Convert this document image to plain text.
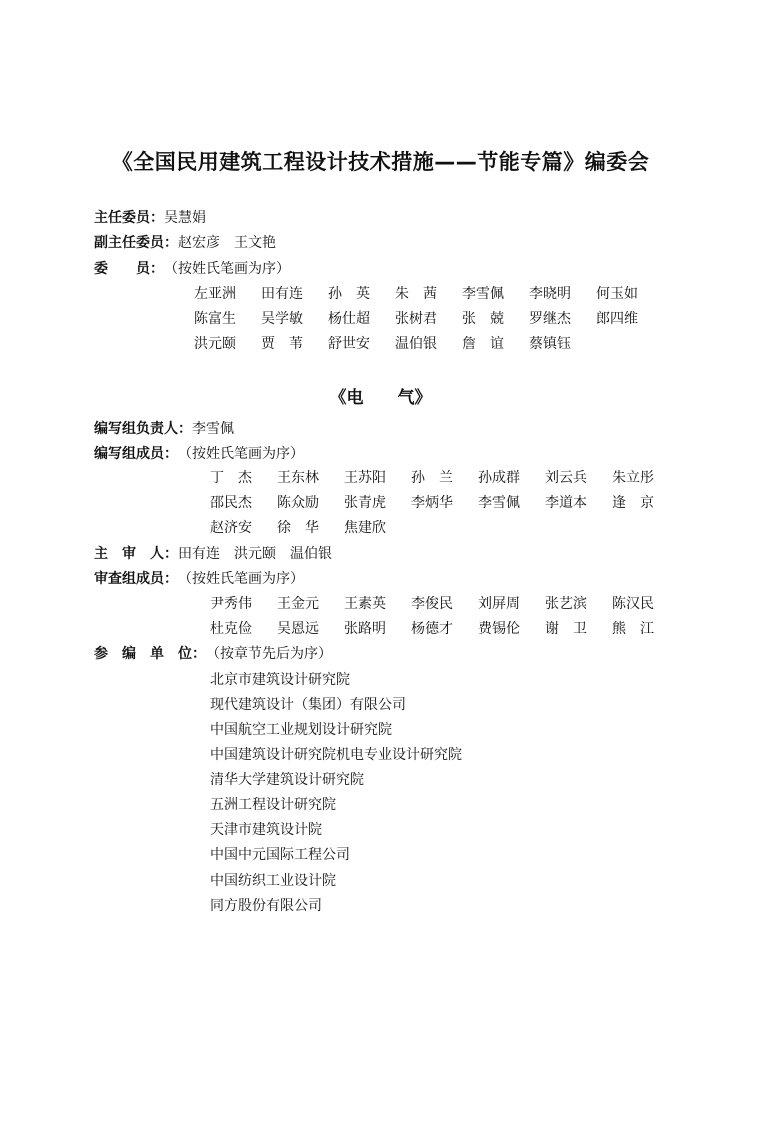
《全国民用建筑工程设计技术措施——节能专篇》编委会
主任委员：吴慧娟
副主任委员：赵宏彦　王文艳
委　　员：（按姓氏笔画为序）
左亚洲 田有连 孙　英 朱　茜 李雪佩 李晓明 何玉如
陈富生 吴学敏 杨仕超 张树君 张　兢 罗继杰 郎四维
洪元颐 贾　苇 舒世安 温伯银 詹　谊 蔡镇钰
《电　　气》
编写组负责人：李雪佩
编写组成员：（按姓氏笔画为序）
丁　杰 王东林 王苏阳 孙　兰 孙成群 刘云兵 朱立彤
邵民杰 陈众励 张青虎 李炳华 李雪佩 李道本 逢　京
赵济安 徐　华 焦建欣
主　审　人：田有连　洪元颐　温伯银
审查组成员：（按姓氏笔画为序）
尹秀伟 王金元 王素英 李俊民 刘屏周 张艺滨 陈汉民
杜克俭 吴恩远 张路明 杨德才 费锡伦 谢　卫 熊　江
参　编　单　位：（按章节先后为序）
北京市建筑设计研究院
现代建筑设计（集团）有限公司
中国航空工业规划设计研究院
中国建筑设计研究院机电专业设计研究院
清华大学建筑设计研究院
五洲工程设计研究院
天津市建筑设计院
中国中元国际工程公司
中国纺织工业设计院
同方股份有限公司
